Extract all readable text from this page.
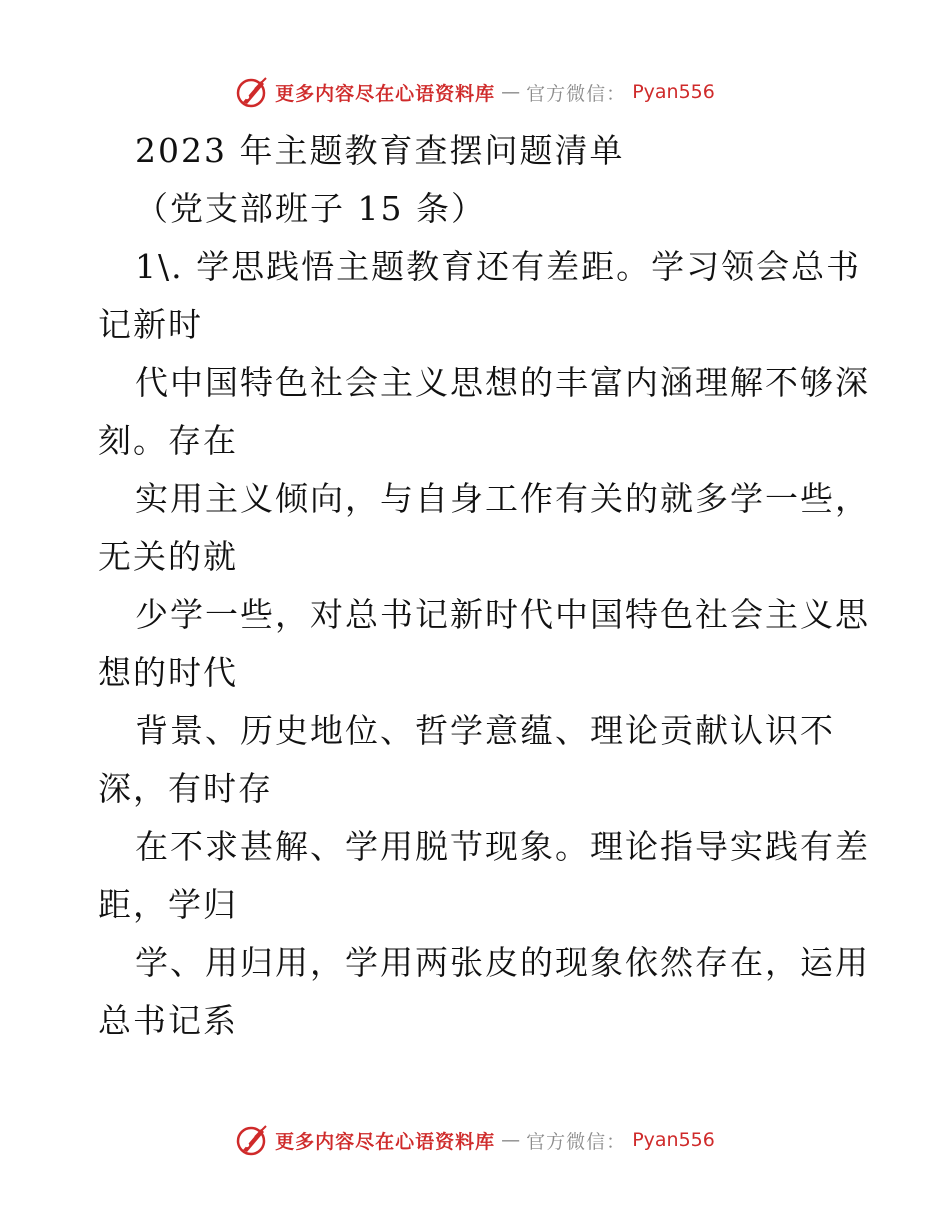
更多内容尽在心语资料库 — 官方微信： Pyan556
2023 年主题教育查摆问题清单
（党支部班子 15 条）
1\. 学思践悟主题教育还有差距。学习领会总书
记新时
代中国特色社会主义思想的丰富内涵理解不够深
刻。存在
实用主义倾向，与自身工作有关的就多学一些，
无关的就
少学一些，对总书记新时代中国特色社会主义思
想的时代
背景、历史地位、哲学意蕴、理论贡献认识不
深，有时存
在不求甚解、学用脱节现象。理论指导实践有差
距，学归
学、用归用，学用两张皮的现象依然存在，运用
总书记系
更多内容尽在心语资料库 — 官方微信： Pyan556
